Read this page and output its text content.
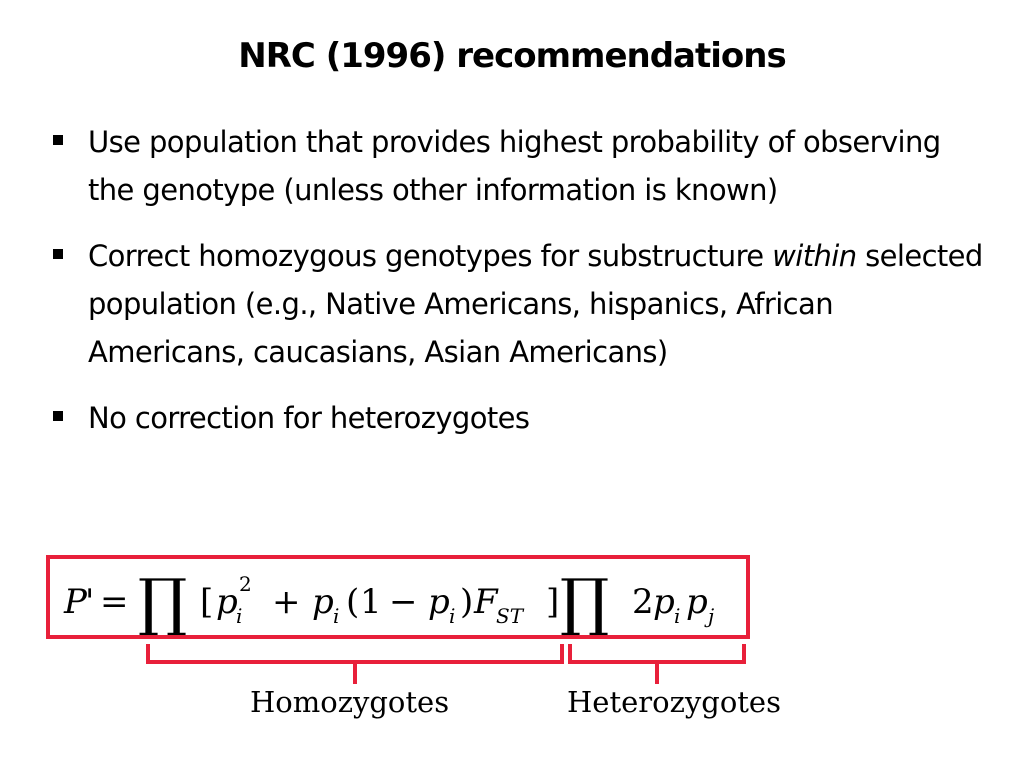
NRC (1996) recommendations
Use population that provides highest probability of observing the genotype (unless other information is known)
Correct homozygous genotypes for substructure within selected population (e.g., Native Americans, hispanics, African Americans, caucasians, Asian Americans)
No correction for heterozygotes
P
' = ∏ [ p 2
i + p i ( 1 − p i ) F
ST ] ∏ 2 p i p j
Homozygotes	Heterozygotes
